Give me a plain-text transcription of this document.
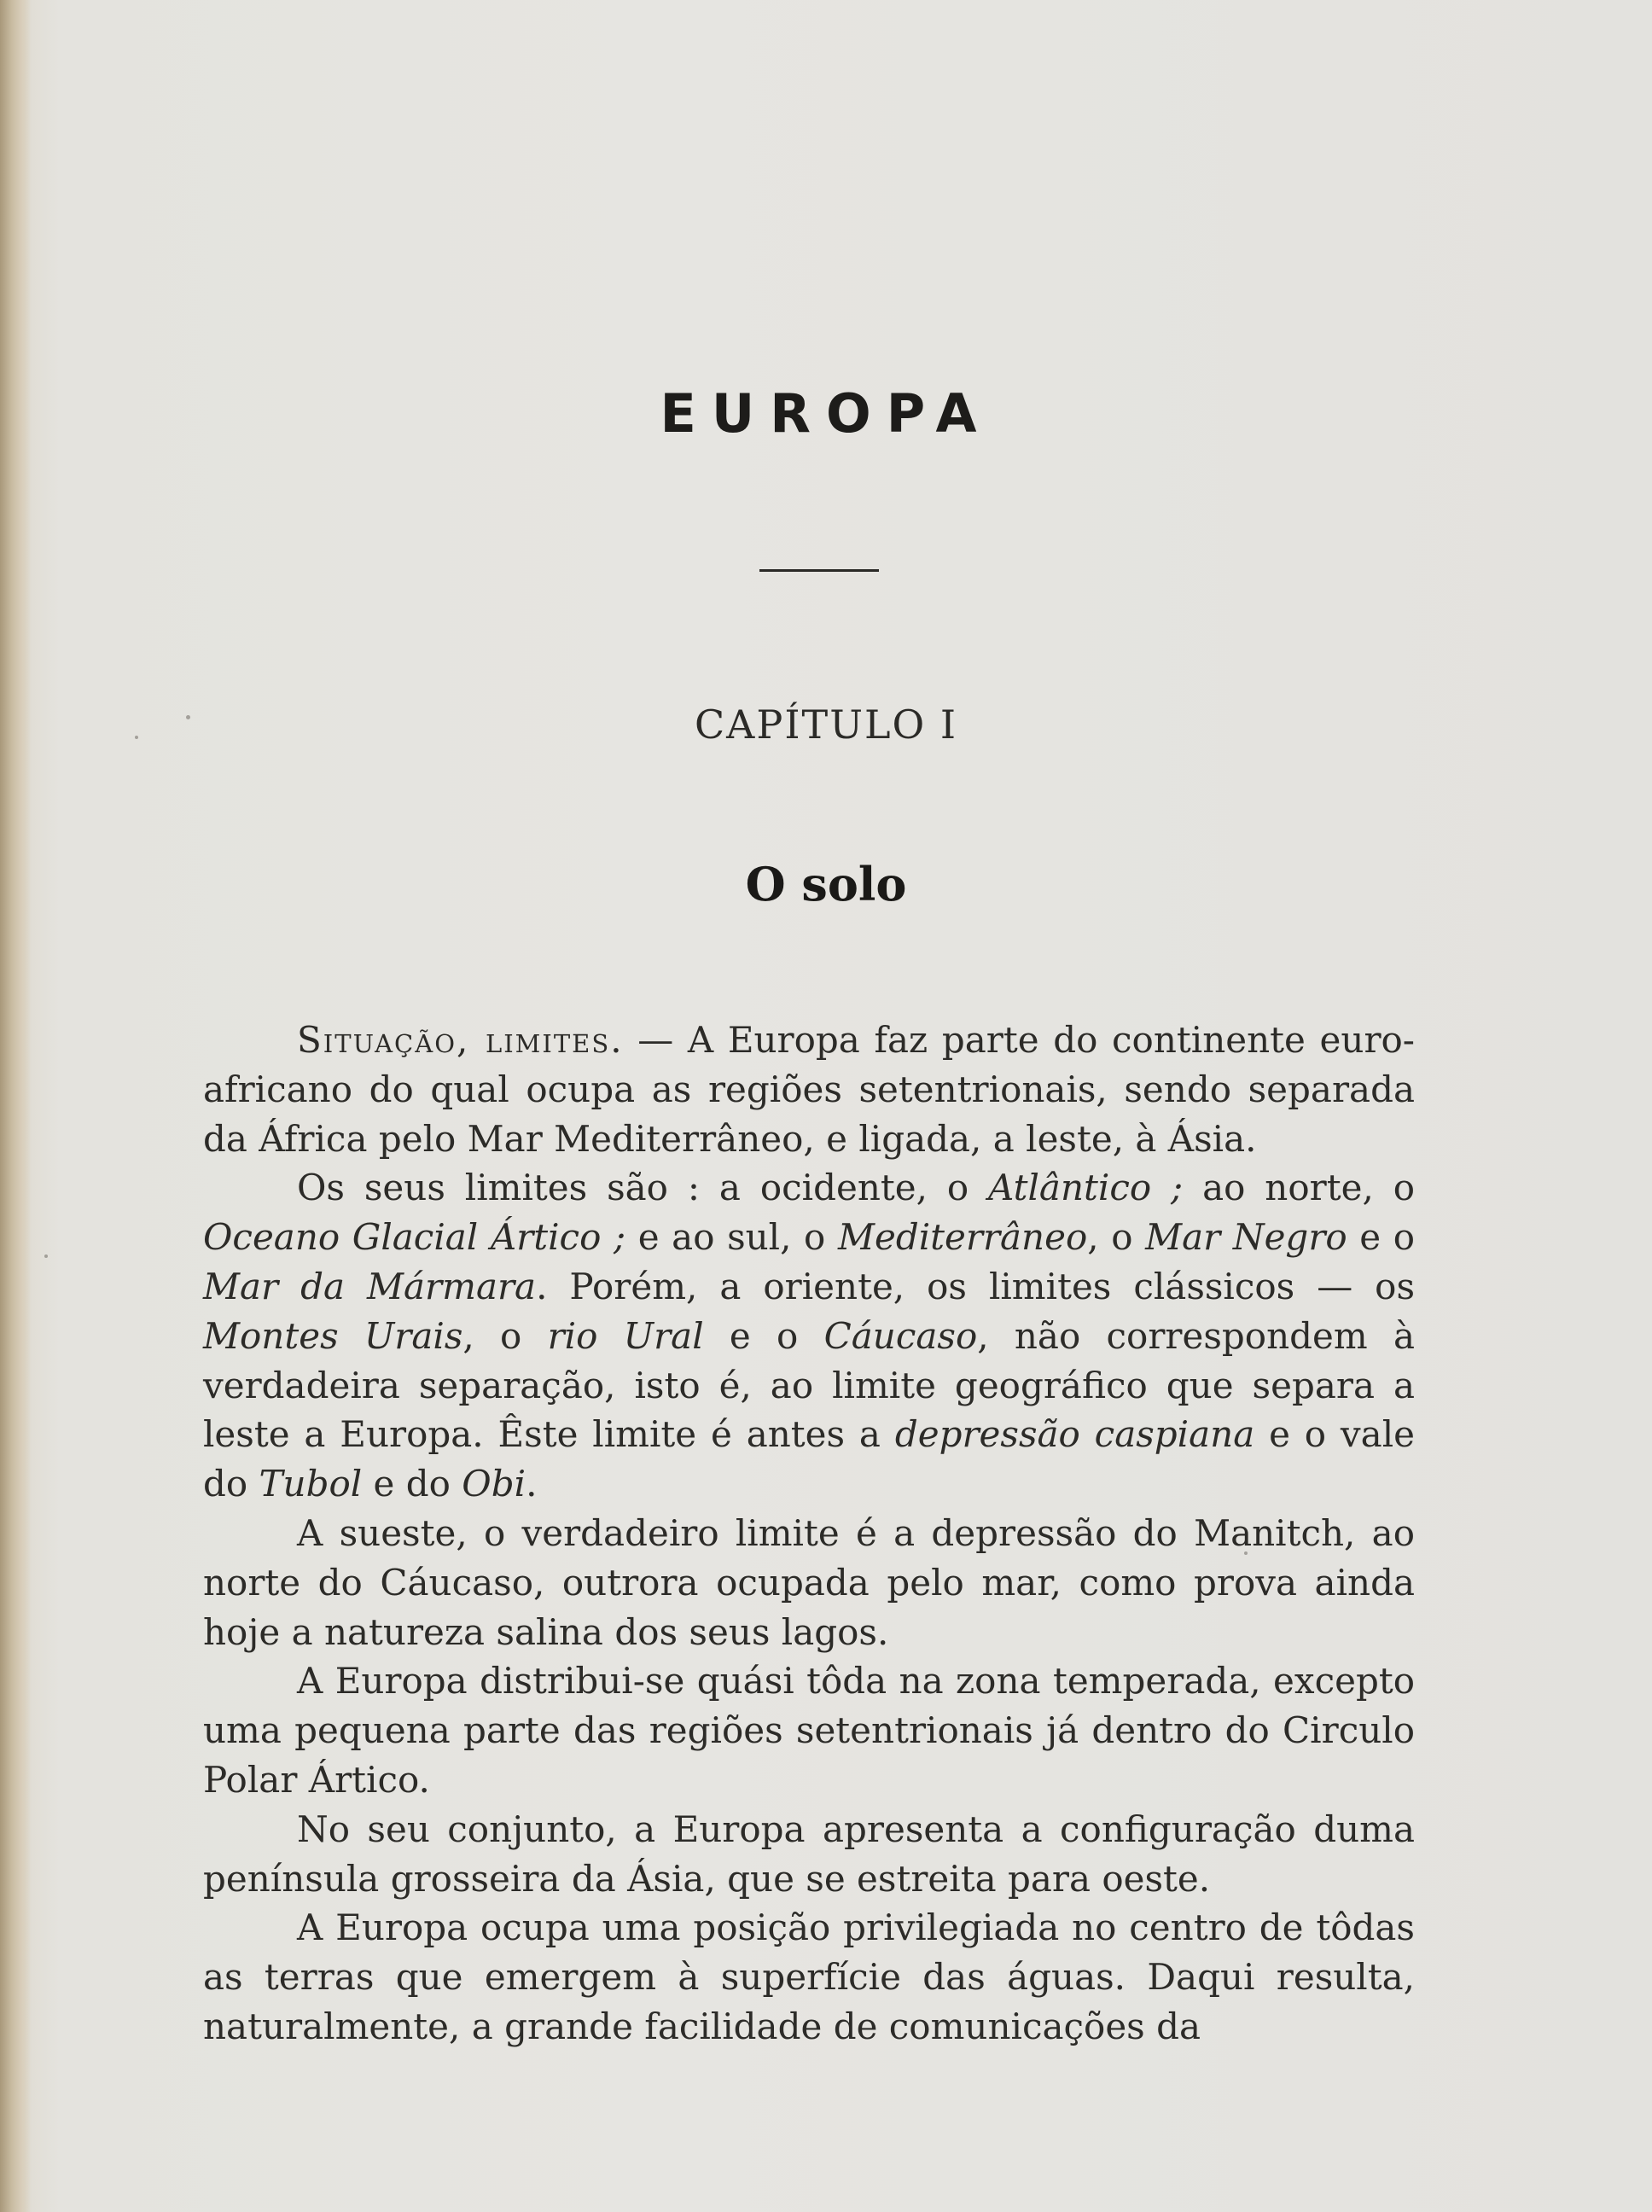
EUROPA
CAPÍTULO I
O solo

Situação, limites. — A Europa faz parte do continente euro-africano do qual ocupa as regiões setentrionais, sendo separada da África pelo Mar Mediterrâneo, e ligada, a leste, à Ásia.

Os seus limites são : a ocidente, o Atlântico ; ao norte, o Oceano Glacial Ártico ; e ao sul, o Mediterrâneo, o Mar Negro e o Mar da Mármara. Porém, a oriente, os limites clássicos — os Montes Urais, o rio Ural e o Cáucaso, não correspondem à verdadeira separação, isto é, ao limite geográfico que separa a leste a Europa. Êste limite é antes a depressão caspiana e o vale do Tubol e do Obi.

A sueste, o verdadeiro limite é a depressão do Manitch, ao norte do Cáucaso, outrora ocupada pelo mar, como prova ainda hoje a natureza salina dos seus lagos.

A Europa distribui-se quási tôda na zona temperada, excepto uma pequena parte das regiões setentrionais já dentro do Circulo Polar Ártico.

No seu conjunto, a Europa apresenta a configuração duma península grosseira da Ásia, que se estreita para oeste.

A Europa ocupa uma posição privilegiada no centro de tôdas as terras que emergem à superfície das águas. Daqui resulta, naturalmente, a grande facilidade de comunicações da
